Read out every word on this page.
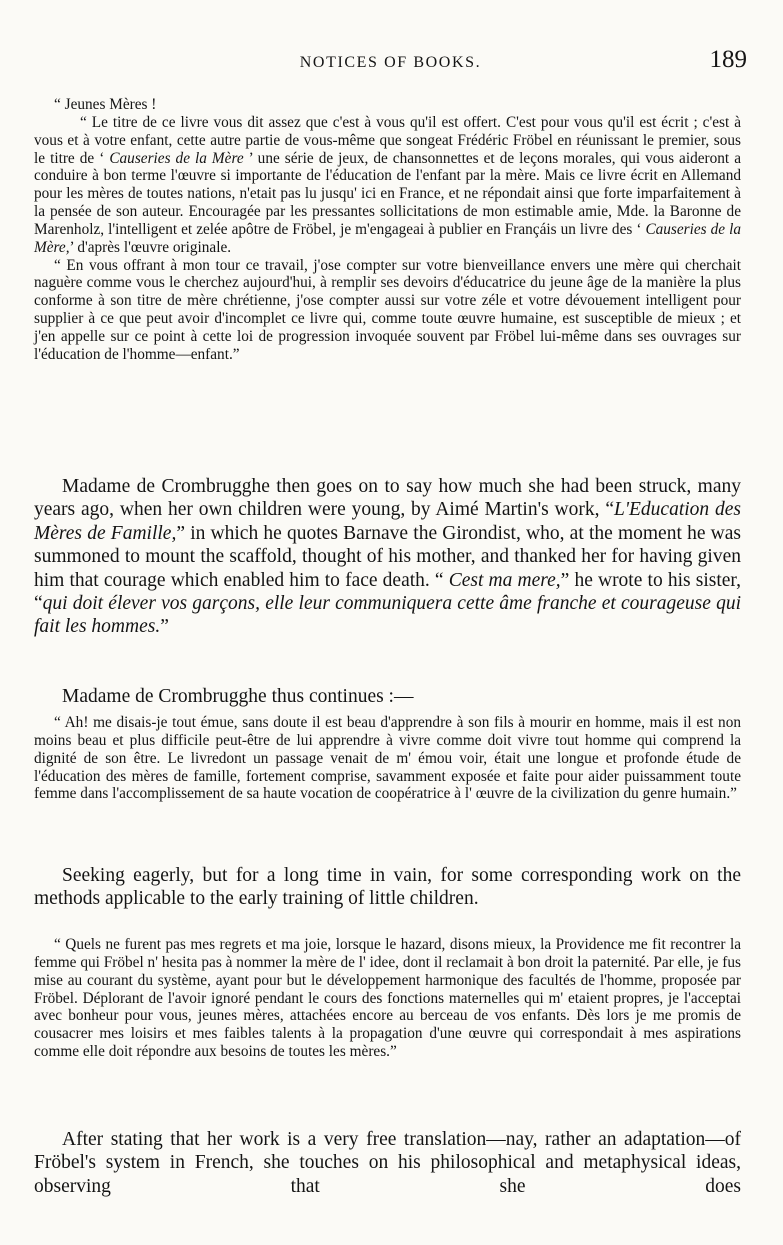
NOTICES OF BOOKS.	189

“ Jeunes Mères !

“ Le titre de ce livre vous dit assez que c'est à vous qu'il est offert. C'est pour vous qu'il est écrit ; c'est à vous et à votre enfant, cette autre partie de vous-même que songeat Frédéric Fröbel en réunissant le premier, sous le titre de ‘ Causeries de la Mère ’ une série de jeux, de chansonnettes et de leçons morales, qui vous aideront a conduire à bon terme l'œuvre si importante de l'éducation de l'enfant par la mère. Mais ce livre écrit en Allemand pour les mères de toutes nations, n'etait pas lu jusqu' ici en France, et ne répondait ainsi que forte imparfaitement à la pensée de son auteur. Encouragée par les pressantes sollicitations de mon estimable amie, Mde. la Baronne de Marenholz, l'intelligent et zelée apôtre de Fröbel, je m'engageai à publier en Françáis un livre des ‘ Causeries de la Mère,’ d'après l'œuvre originale.

“ En vous offrant à mon tour ce travail, j'ose compter sur votre bienveillance envers une mère qui cherchait naguère comme vous le cherchez aujourd'hui, à remplir ses devoirs d'éducatrice du jeune âge de la manière la plus conforme à son titre de mère chrétienne, j'ose compter aussi sur votre zéle et votre dévouement intelligent pour supplier à ce que peut avoir d'incomplet ce livre qui, comme toute œuvre humaine, est susceptible de mieux ; et j'en appelle sur ce point à cette loi de progression invoquée souvent par Fröbel lui-même dans ses ouvrages sur l'éducation de l'homme—enfant.”

Madame de Crombrugghe then goes on to say how much she had been struck, many years ago, when her own children were young, by Aimé Martin's work, “L'Education des Mères de Famille,” in which he quotes Barnave the Girondist, who, at the moment he was summoned to mount the scaffold, thought of his mother, and thanked her for having given him that courage which enabled him to face death. “ Cest ma mere,” he wrote to his sister, “qui doit élever vos garçons, elle leur communiquera cette âme franche et courageuse qui fait les hommes.”

Madame de Crombrugghe thus continues :—

“ Ah! me disais-je tout émue, sans doute il est beau d'apprendre à son fils à mourir en homme, mais il est non moins beau et plus difficile peut-être de lui apprendre à vivre comme doit vivre tout homme qui comprend la dignité de son être. Le livredont un passage venait de m' émou voir, était une longue et profonde étude de l'éducation des mères de famille, fortement comprise, savamment exposée et faite pour aider puissamment toute femme dans l'accomplissement de sa haute vocation de coopératrice à l' œuvre de la civilization du genre humain.”

Seeking eagerly, but for a long time in vain, for some corresponding work on the methods applicable to the early training of little children.

“ Quels ne furent pas mes regrets et ma joie, lorsque le hazard, disons mieux, la Providence me fit recontrer la femme qui Fröbel n' hesita pas à nommer la mère de l' idee, dont il reclamait à bon droit la paternité. Par elle, je fus mise au courant du système, ayant pour but le développement harmonique des facultés de l'homme, proposée par Fröbel. Déplorant de l'avoir ignoré pendant le cours des fonctions maternelles qui m' etaient propres, je l'acceptai avec bonheur pour vous, jeunes mères, attachées encore au berceau de vos enfants. Dès lors je me promis de cousacrer mes loisirs et mes faibles talents à la propagation d'une œuvre qui correspondait à mes aspirations comme elle doit répondre aux besoins de toutes les mères.”

After stating that her work is a very free translation—nay, rather an adaptation—of Fröbel's system in French, she touches on his philosophical and metaphysical ideas, observing that she does
